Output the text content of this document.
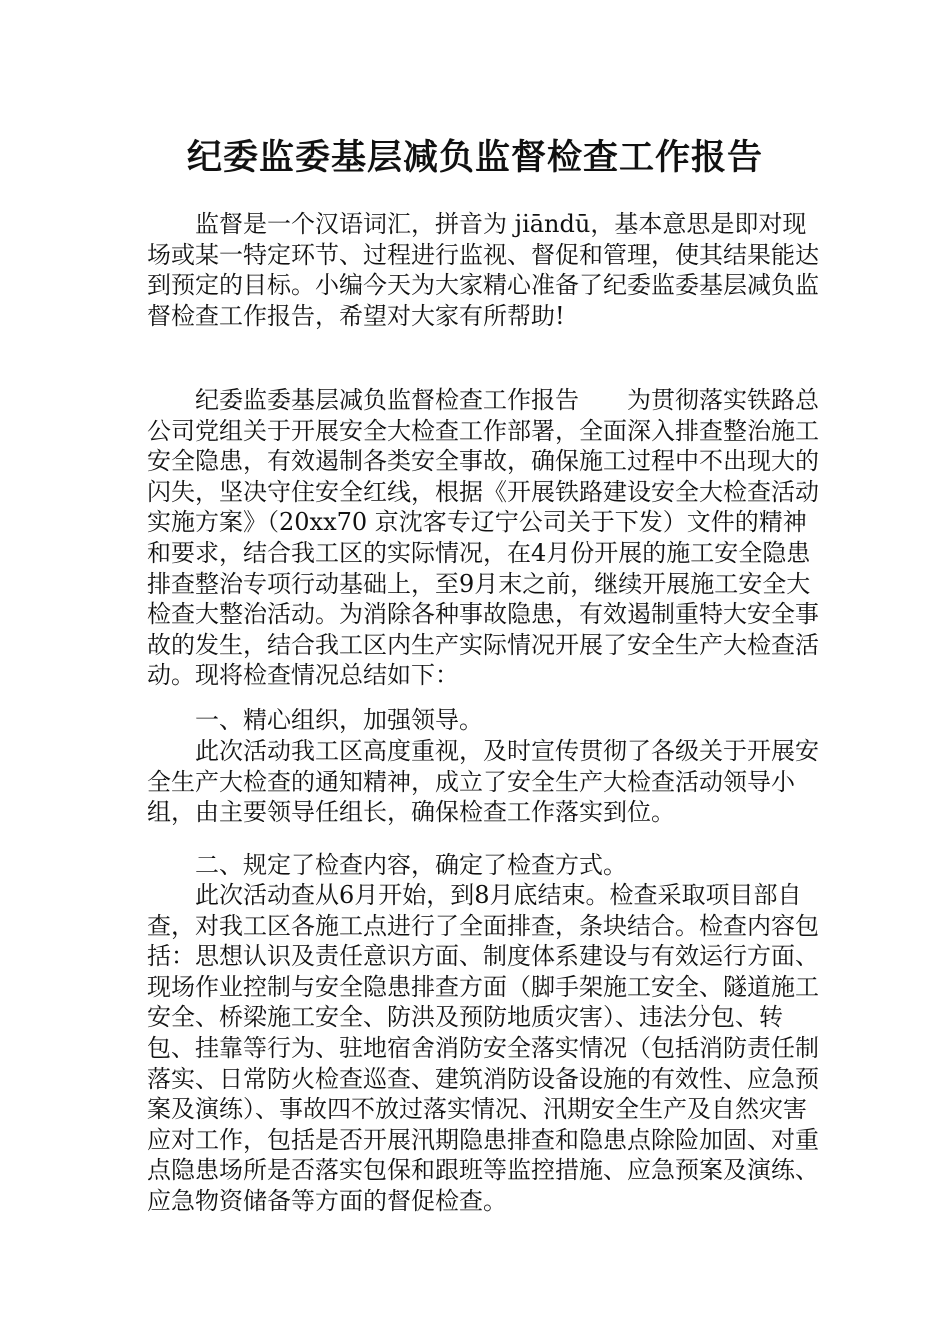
纪委监委基层减负监督检查工作报告

监督是一个汉语词汇，拼音为 jiāndū，基本意思是即对现场或某一特定环节、过程进行监视、督促和管理，使其结果能达到预定的目标。小编今天为大家精心准备了纪委监委基层减负监督检查工作报告，希望对大家有所帮助!

纪委监委基层减负监督检查工作报告　　为贯彻落实铁路总公司党组关于开展安全大检查工作部署，全面深入排查整治施工安全隐患，有效遏制各类安全事故，确保施工过程中不出现大的闪失，坚决守住安全红线，根据《开展铁路建设安全大检查活动实施方案》（20xx70 京沈客专辽宁公司关于下发）文件的精神和要求，结合我工区的实际情况，在4月份开展的施工安全隐患排查整治专项行动基础上，至9月末之前，继续开展施工安全大检查大整治活动。为消除各种事故隐患，有效遏制重特大安全事故的发生，结合我工区内生产实际情况开展了安全生产大检查活动。现将检查情况总结如下：

一、精心组织，加强领导。

此次活动我工区高度重视，及时宣传贯彻了各级关于开展安全生产大检查的通知精神，成立了安全生产大检查活动领导小组，由主要领导任组长，确保检查工作落实到位。

二、规定了检查内容，确定了检查方式。

此次活动查从6月开始，到8月底结束。检查采取项目部自查，对我工区各施工点进行了全面排查，条块结合。检查内容包括：思想认识及责任意识方面、制度体系建设与有效运行方面、现场作业控制与安全隐患排查方面（脚手架施工安全、隧道施工安全、桥梁施工安全、防洪及预防地质灾害）、违法分包、转包、挂靠等行为、驻地宿舍消防安全落实情况（包括消防责任制落实、日常防火检查巡查、建筑消防设备设施的有效性、应急预案及演练）、事故四不放过落实情况、汛期安全生产及自然灾害应对工作，包括是否开展汛期隐患排查和隐患点除险加固、对重点隐患场所是否落实包保和跟班等监控措施、应急预案及演练、应急物资储备等方面的督促检查。
